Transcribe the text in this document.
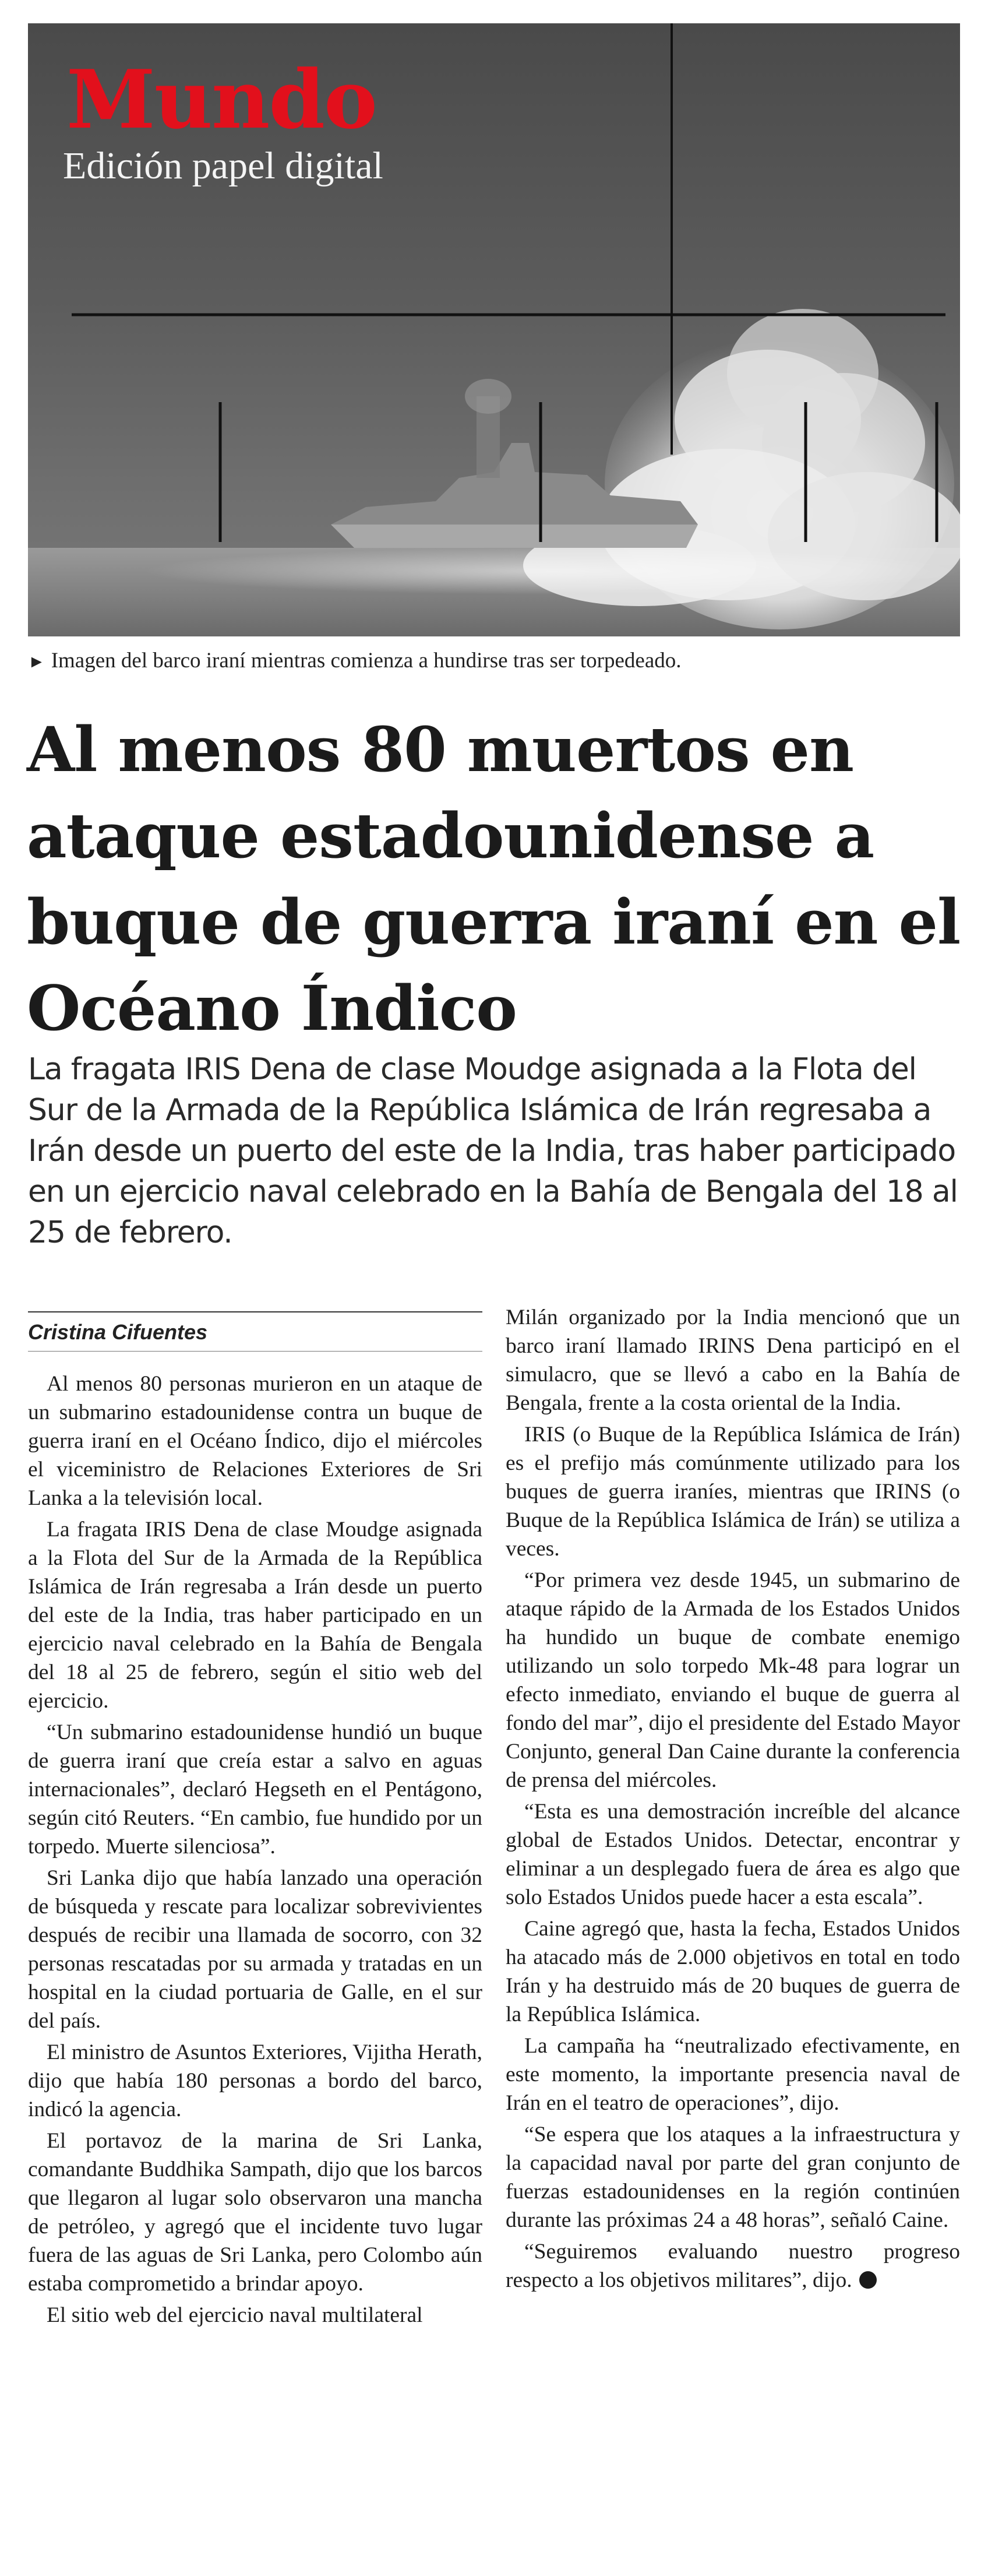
Mundo
Edición papel digital
► Imagen del barco iraní mientras comienza a hundirse tras ser torpedeado.
Al menos 80 muertos en ataque estadounidense a buque de guerra iraní en el Océano Índico

La fragata IRIS Dena de clase Moudge asignada a la Flota del Sur de la Armada de la República Islámica de Irán regresaba a Irán desde un puerto del este de la India, tras haber participado en un ejercicio naval celebrado en la Bahía de Bengala del 18 al 25 de febrero.

Cristina Cifuentes

Al menos 80 personas murieron en un ataque de un submarino estadounidense contra un buque de guerra iraní en el Océano Índico, dijo el miércoles el viceministro de Relaciones Exteriores de Sri Lanka a la televisión local.

La fragata IRIS Dena de clase Moudge asignada a la Flota del Sur de la Armada de la República Islámica de Irán regresaba a Irán desde un puerto del este de la India, tras haber participado en un ejercicio naval celebrado en la Bahía de Bengala del 18 al 25 de febrero, según el sitio web del ejercicio.

“Un submarino estadounidense hundió un buque de guerra iraní que creía estar a salvo en aguas internacionales”, declaró Hegseth en el Pentágono, según citó Reuters. “En cambio, fue hundido por un torpedo. Muerte silenciosa”.

Sri Lanka dijo que había lanzado una operación de búsqueda y rescate para localizar sobrevivientes después de recibir una llamada de socorro, con 32 personas rescatadas por su armada y tratadas en un hospital en la ciudad portuaria de Galle, en el sur del país.

El ministro de Asuntos Exteriores, Vijitha Herath, dijo que había 180 personas a bordo del barco, indicó la agencia.

El portavoz de la marina de Sri Lanka, comandante Buddhika Sampath, dijo que los barcos que llegaron al lugar solo observaron una mancha de petróleo, y agregó que el incidente tuvo lugar fuera de las aguas de Sri Lanka, pero Colombo aún estaba comprometido a brindar apoyo.

El sitio web del ejercicio naval multilateral

Milán organizado por la India mencionó que un barco iraní llamado IRINS Dena participó en el simulacro, que se llevó a cabo en la Bahía de Bengala, frente a la costa oriental de la India.

IRIS (o Buque de la República Islámica de Irán) es el prefijo más comúnmente utilizado para los buques de guerra iraníes, mientras que IRINS (o Buque de la República Islámica de Irán) se utiliza a veces.

“Por primera vez desde 1945, un submarino de ataque rápido de la Armada de los Estados Unidos ha hundido un buque de combate enemigo utilizando un solo torpedo Mk-48 para lograr un efecto inmediato, enviando el buque de guerra al fondo del mar”, dijo el presidente del Estado Mayor Conjunto, general Dan Caine durante la conferencia de prensa del miércoles.

“Esta es una demostración increíble del alcance global de Estados Unidos. Detectar, encontrar y eliminar a un desplegado fuera de área es algo que solo Estados Unidos puede hacer a esta escala”.

Caine agregó que, hasta la fecha, Estados Unidos ha atacado más de 2.000 objetivos en total en todo Irán y ha destruido más de 20 buques de guerra de la República Islámica.

La campaña ha “neutralizado efectivamente, en este momento, la importante presencia naval de Irán en el teatro de operaciones”, dijo.

“Se espera que los ataques a la infraestructura y la capacidad naval por parte del gran conjunto de fuerzas estadounidenses en la región continúen durante las próximas 24 a 48 horas”, señaló Caine.

“Seguiremos evaluando nuestro progreso respecto a los objetivos militares”, dijo.
